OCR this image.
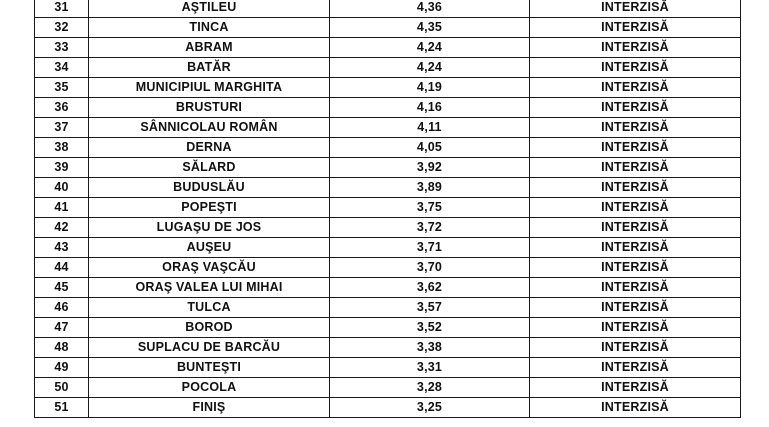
31	AŞTILEU	4,36	INTERZISĂ
32	TINCA	4,35	INTERZISĂ
33	ABRAM	4,24	INTERZISĂ
34	BATĂR	4,24	INTERZISĂ
35	MUNICIPIUL MARGHITA	4,19	INTERZISĂ
36	BRUSTURI	4,16	INTERZISĂ
37	SÂNNICOLAU ROMÂN	4,11	INTERZISĂ
38	DERNA	4,05	INTERZISĂ
39	SĂLARD	3,92	INTERZISĂ
40	BUDUSLĂU	3,89	INTERZISĂ
41	POPEŞTI	3,75	INTERZISĂ
42	LUGAŞU DE JOS	3,72	INTERZISĂ
43	AUŞEU	3,71	INTERZISĂ
44	ORAŞ VAŞCĂU	3,70	INTERZISĂ
45	ORAŞ VALEA LUI MIHAI	3,62	INTERZISĂ
46	TULCA	3,57	INTERZISĂ
47	BOROD	3,52	INTERZISĂ
48	SUPLACU DE BARCĂU	3,38	INTERZISĂ
49	BUNTEŞTI	3,31	INTERZISĂ
50	POCOLA	3,28	INTERZISĂ
51	FINIŞ	3,25	INTERZISĂ
